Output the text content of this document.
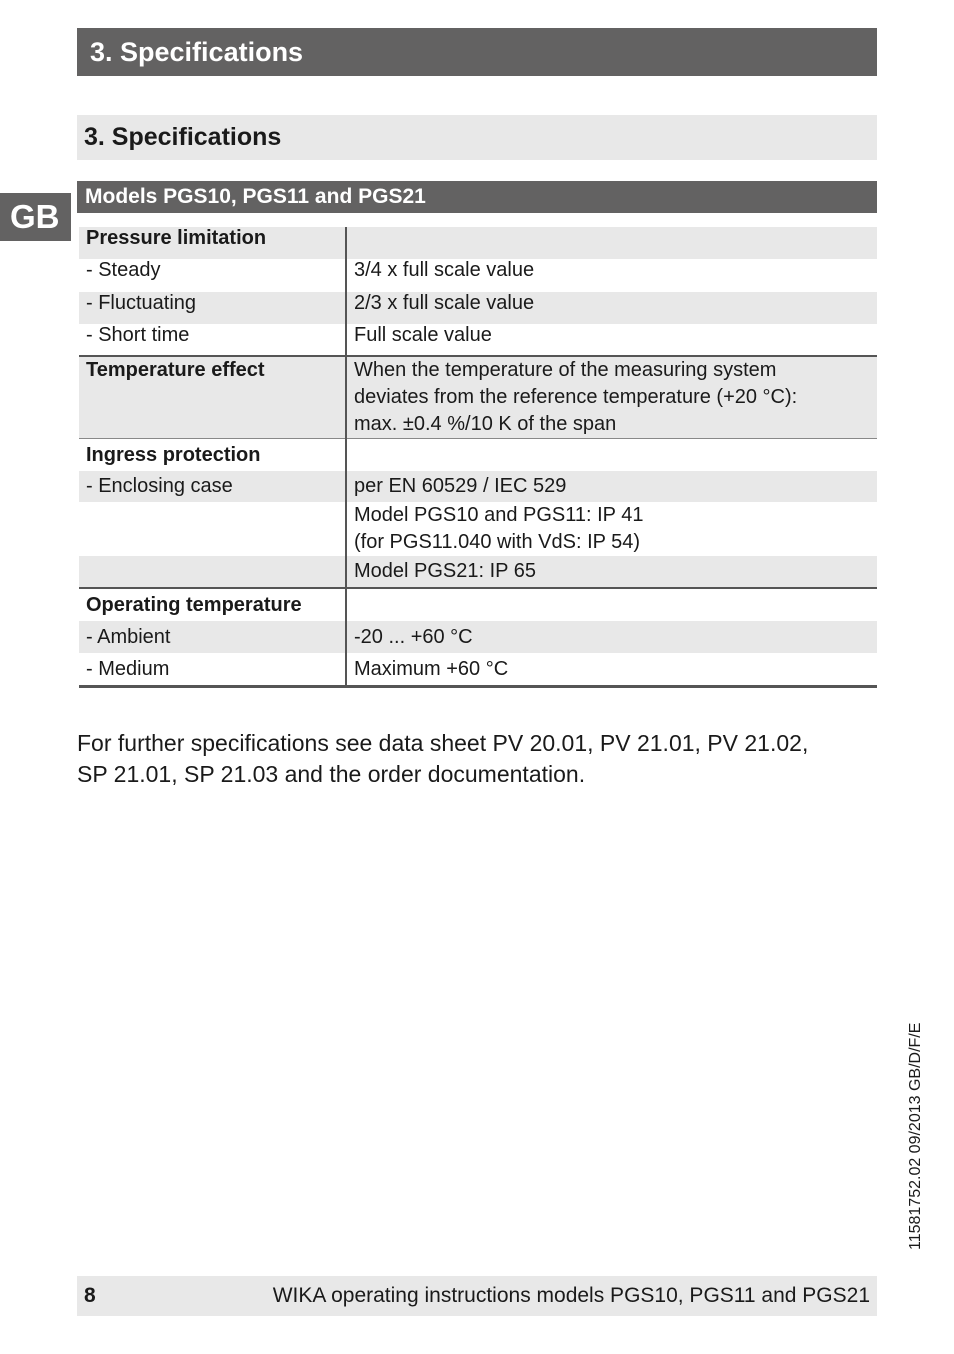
3. Specifications
GB
3. Specifications
Models PGS10, PGS11 and PGS21
Pressure limitation	
- Steady	3/4 x full scale value
- Fluctuating	2/3 x full scale value
- Short time	Full scale value
Temperature effect	When the temperature of the measuring system
deviates from the reference temperature (+20 °C):
max. ±0.4 %/10 K of the span

Ingress protection	
- Enclosing case	per EN 60529 / IEC 529

	Model PGS10 and PGS11: IP 41
(for PGS11.040 with VdS: IP 54)

	Model PGS21: IP 65
Operating temperature	
- Ambient	-20 ... +60 °C
- Medium	Maximum +60 °C

For further specifications see data sheet PV 20.01, PV 21.01, PV 21.02,

SP 21.01, SP 21.03 and the order documentation.

11581752.02 09/2013 GB/D/F/E
8	WIKA operating instructions models PGS10, PGS11 and PGS21
